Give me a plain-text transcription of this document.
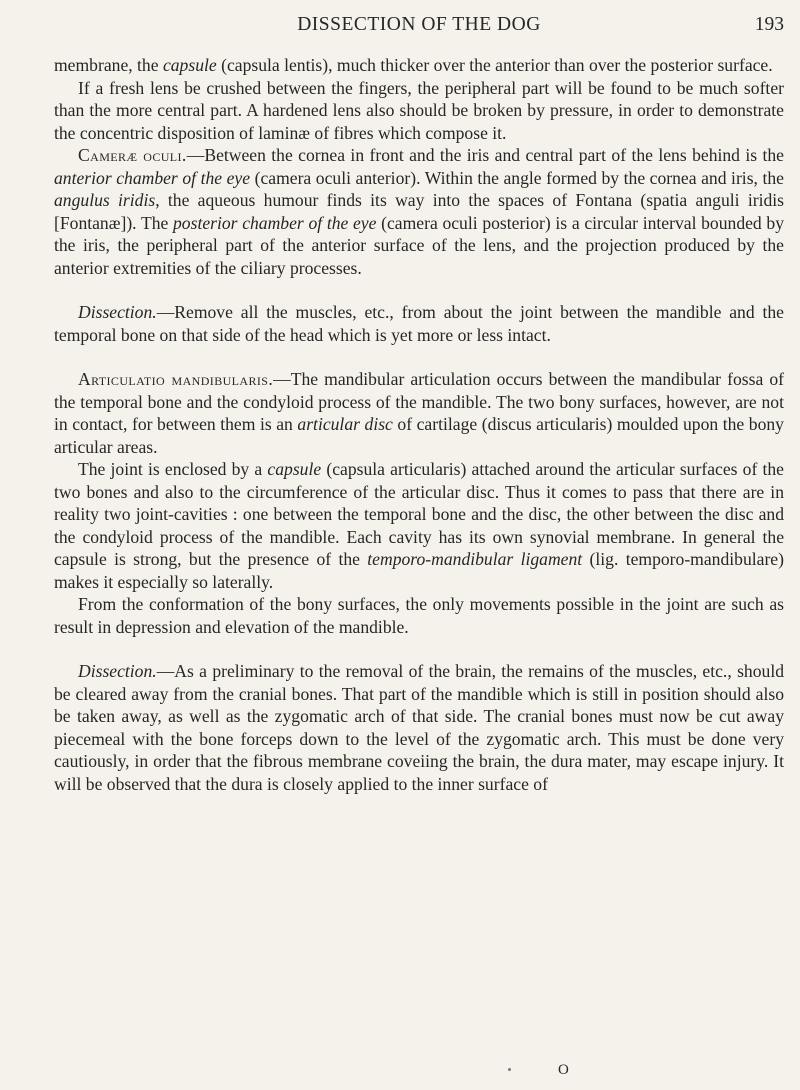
DISSECTION OF THE DOG	193

membrane, the capsule (capsula lentis), much thicker over the anterior than over the posterior surface.

If a fresh lens be crushed between the fingers, the peripheral part will be found to be much softer than the more central part. A hardened lens also should be broken by pressure, in order to demonstrate the concentric disposition of laminæ of fibres which compose it.

Cameræ oculi.—Between the cornea in front and the iris and central part of the lens behind is the anterior chamber of the eye (camera oculi anterior). Within the angle formed by the cornea and iris, the angulus iridis, the aqueous humour finds its way into the spaces of Fontana (spatia anguli iridis [Fontanæ]). The posterior chamber of the eye (camera oculi posterior) is a circular interval bounded by the iris, the peripheral part of the anterior surface of the lens, and the projection produced by the anterior extremities of the ciliary processes.

Dissection.—Remove all the muscles, etc., from about the joint between the mandible and the temporal bone on that side of the head which is yet more or less intact.

Articulatio mandibularis.—The mandibular articulation occurs between the mandibular fossa of the temporal bone and the condyloid process of the mandible. The two bony surfaces, however, are not in contact, for between them is an articular disc of cartilage (discus articularis) moulded upon the bony articular areas.

The joint is enclosed by a capsule (capsula articularis) attached around the articular surfaces of the two bones and also to the circumference of the articular disc. Thus it comes to pass that there are in reality two joint-cavities : one between the temporal bone and the disc, the other between the disc and the condyloid process of the mandible. Each cavity has its own synovial membrane. In general the capsule is strong, but the presence of the temporo-mandibular ligament (lig. temporo-mandibulare) makes it especially so laterally.

From the conformation of the bony surfaces, the only movements possible in the joint are such as result in depression and elevation of the mandible.

Dissection.—As a preliminary to the removal of the brain, the remains of the muscles, etc., should be cleared away from the cranial bones. That part of the mandible which is still in position should also be taken away, as well as the zygomatic arch of that side. The cranial bones must now be cut away piecemeal with the bone forceps down to the level of the zygomatic arch. This must be done very cautiously, in order that the fibrous membrane coveiing the brain, the dura mater, may escape injury. It will be observed that the dura is closely applied to the inner surface of

O
